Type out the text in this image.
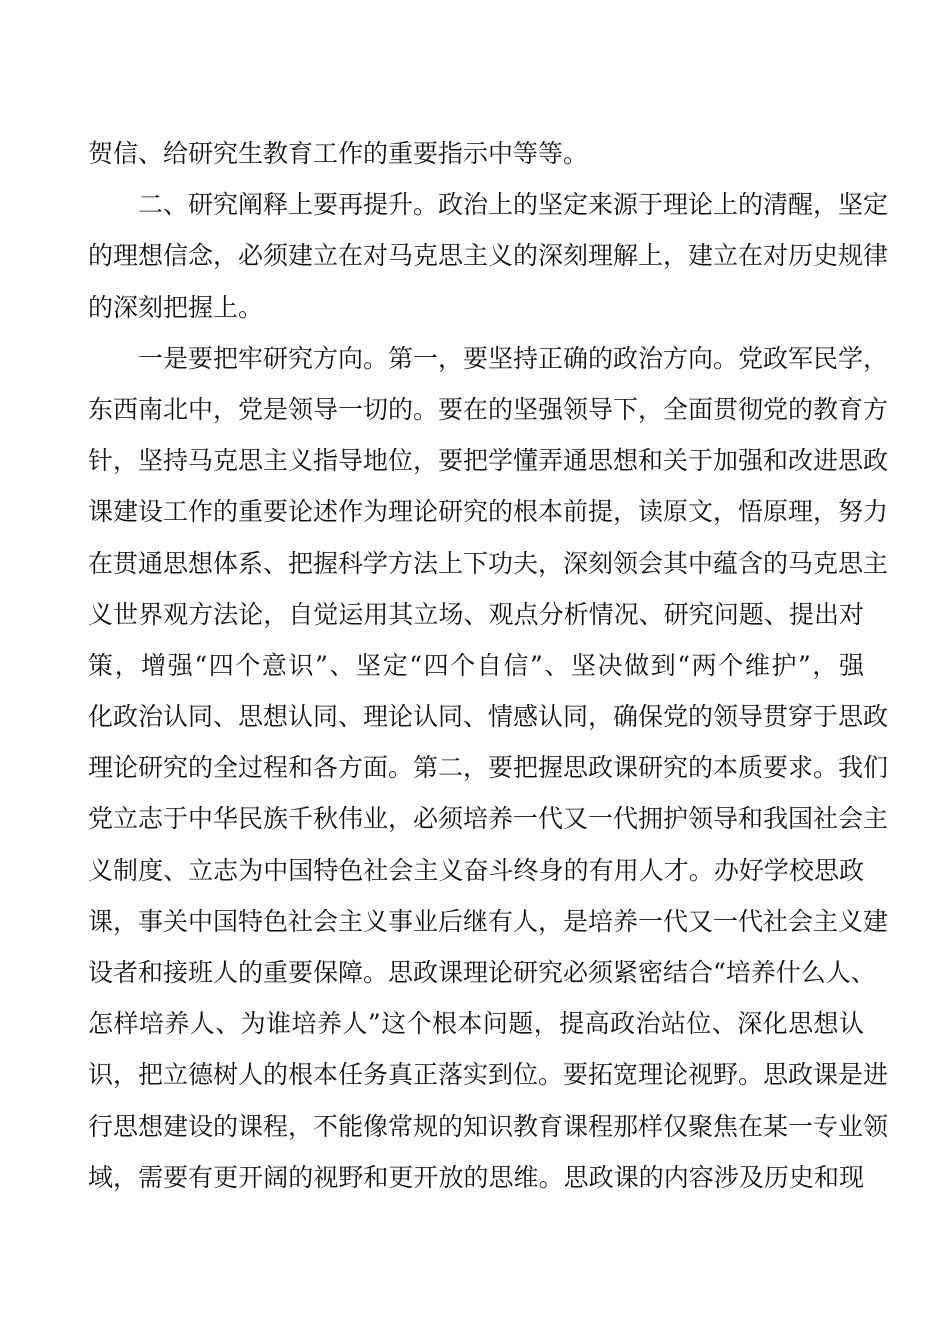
贺信、给研究生教育工作的重要指示中等等。
　　二、研究阐释上要再提升。政治上的坚定来源于理论上的清醒，坚定
的理想信念，必须建立在对马克思主义的深刻理解上，建立在对历史规律
的深刻把握上。
　　一是要把牢研究方向。第一，要坚持正确的政治方向。党政军民学，
东西南北中，党是领导一切的。要在的坚强领导下，全面贯彻党的教育方
针，坚持马克思主义指导地位，要把学懂弄通思想和关于加强和改进思政
课建设工作的重要论述作为理论研究的根本前提，读原文，悟原理，努力
在贯通思想体系、把握科学方法上下功夫，深刻领会其中蕴含的马克思主
义世界观方法论，自觉运用其立场、观点分析情况、研究问题、提出对
策，增强“四个意识”、坚定“四个自信”、坚决做到“两个维护”，强
化政治认同、思想认同、理论认同、情感认同，确保党的领导贯穿于思政
理论研究的全过程和各方面。第二，要把握思政课研究的本质要求。我们
党立志于中华民族千秋伟业，必须培养一代又一代拥护领导和我国社会主
义制度、立志为中国特色社会主义奋斗终身的有用人才。办好学校思政
课，事关中国特色社会主义事业后继有人，是培养一代又一代社会主义建
设者和接班人的重要保障。思政课理论研究必须紧密结合“培养什么人、
怎样培养人、为谁培养人”这个根本问题，提高政治站位、深化思想认
识，把立德树人的根本任务真正落实到位。要拓宽理论视野。思政课是进
行思想建设的课程，不能像常规的知识教育课程那样仅聚焦在某一专业领
域，需要有更开阔的视野和更开放的思维。思政课的内容涉及历史和现
